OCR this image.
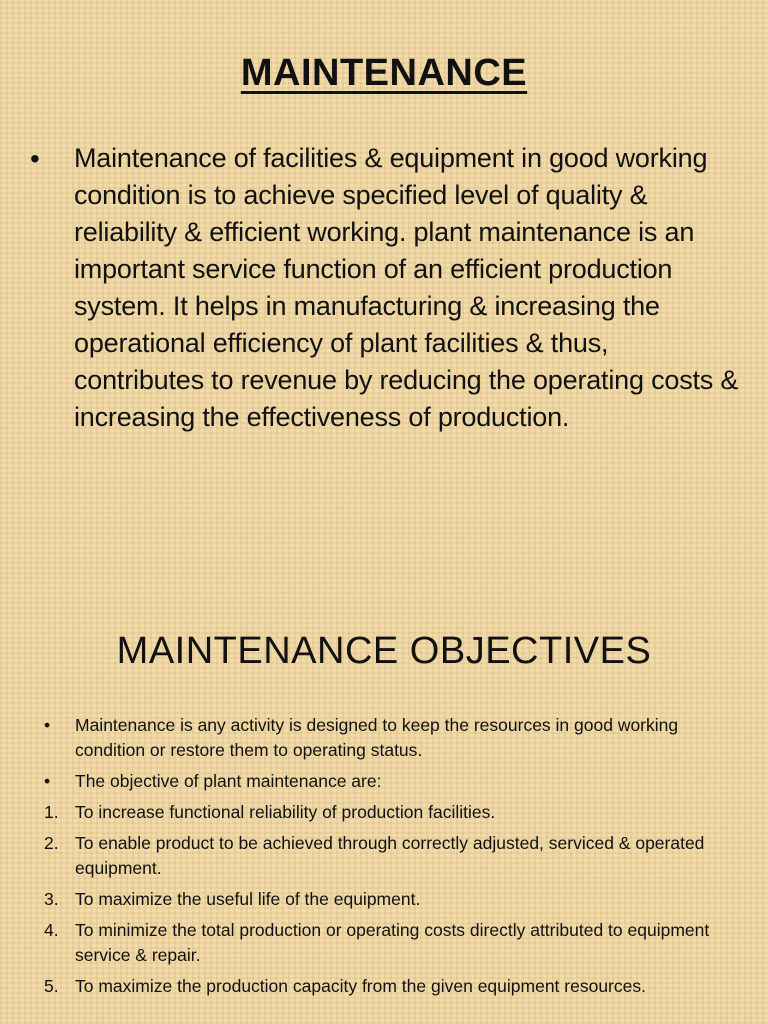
MAINTENANCE
•	Maintenance of facilities & equipment in good working condition is to achieve specified level of quality & reliability & efficient working. plant maintenance is an important service function of an efficient production system. It helps in manufacturing & increasing the operational efficiency of plant facilities & thus, contributes to revenue by reducing the operating costs & increasing the effectiveness of production.

MAINTENANCE OBJECTIVES
•	Maintenance is any activity is designed to keep the resources in good working condition or restore them to operating status.
•	The objective of plant maintenance are:
1. To increase functional reliability of production facilities.
2. To enable product to be achieved through correctly adjusted, serviced & operated equipment.
3. To maximize the useful life of the equipment.
4. To minimize the total production or operating costs directly attributed to equipment service & repair.
5. To maximize the production capacity from the given equipment resources.
